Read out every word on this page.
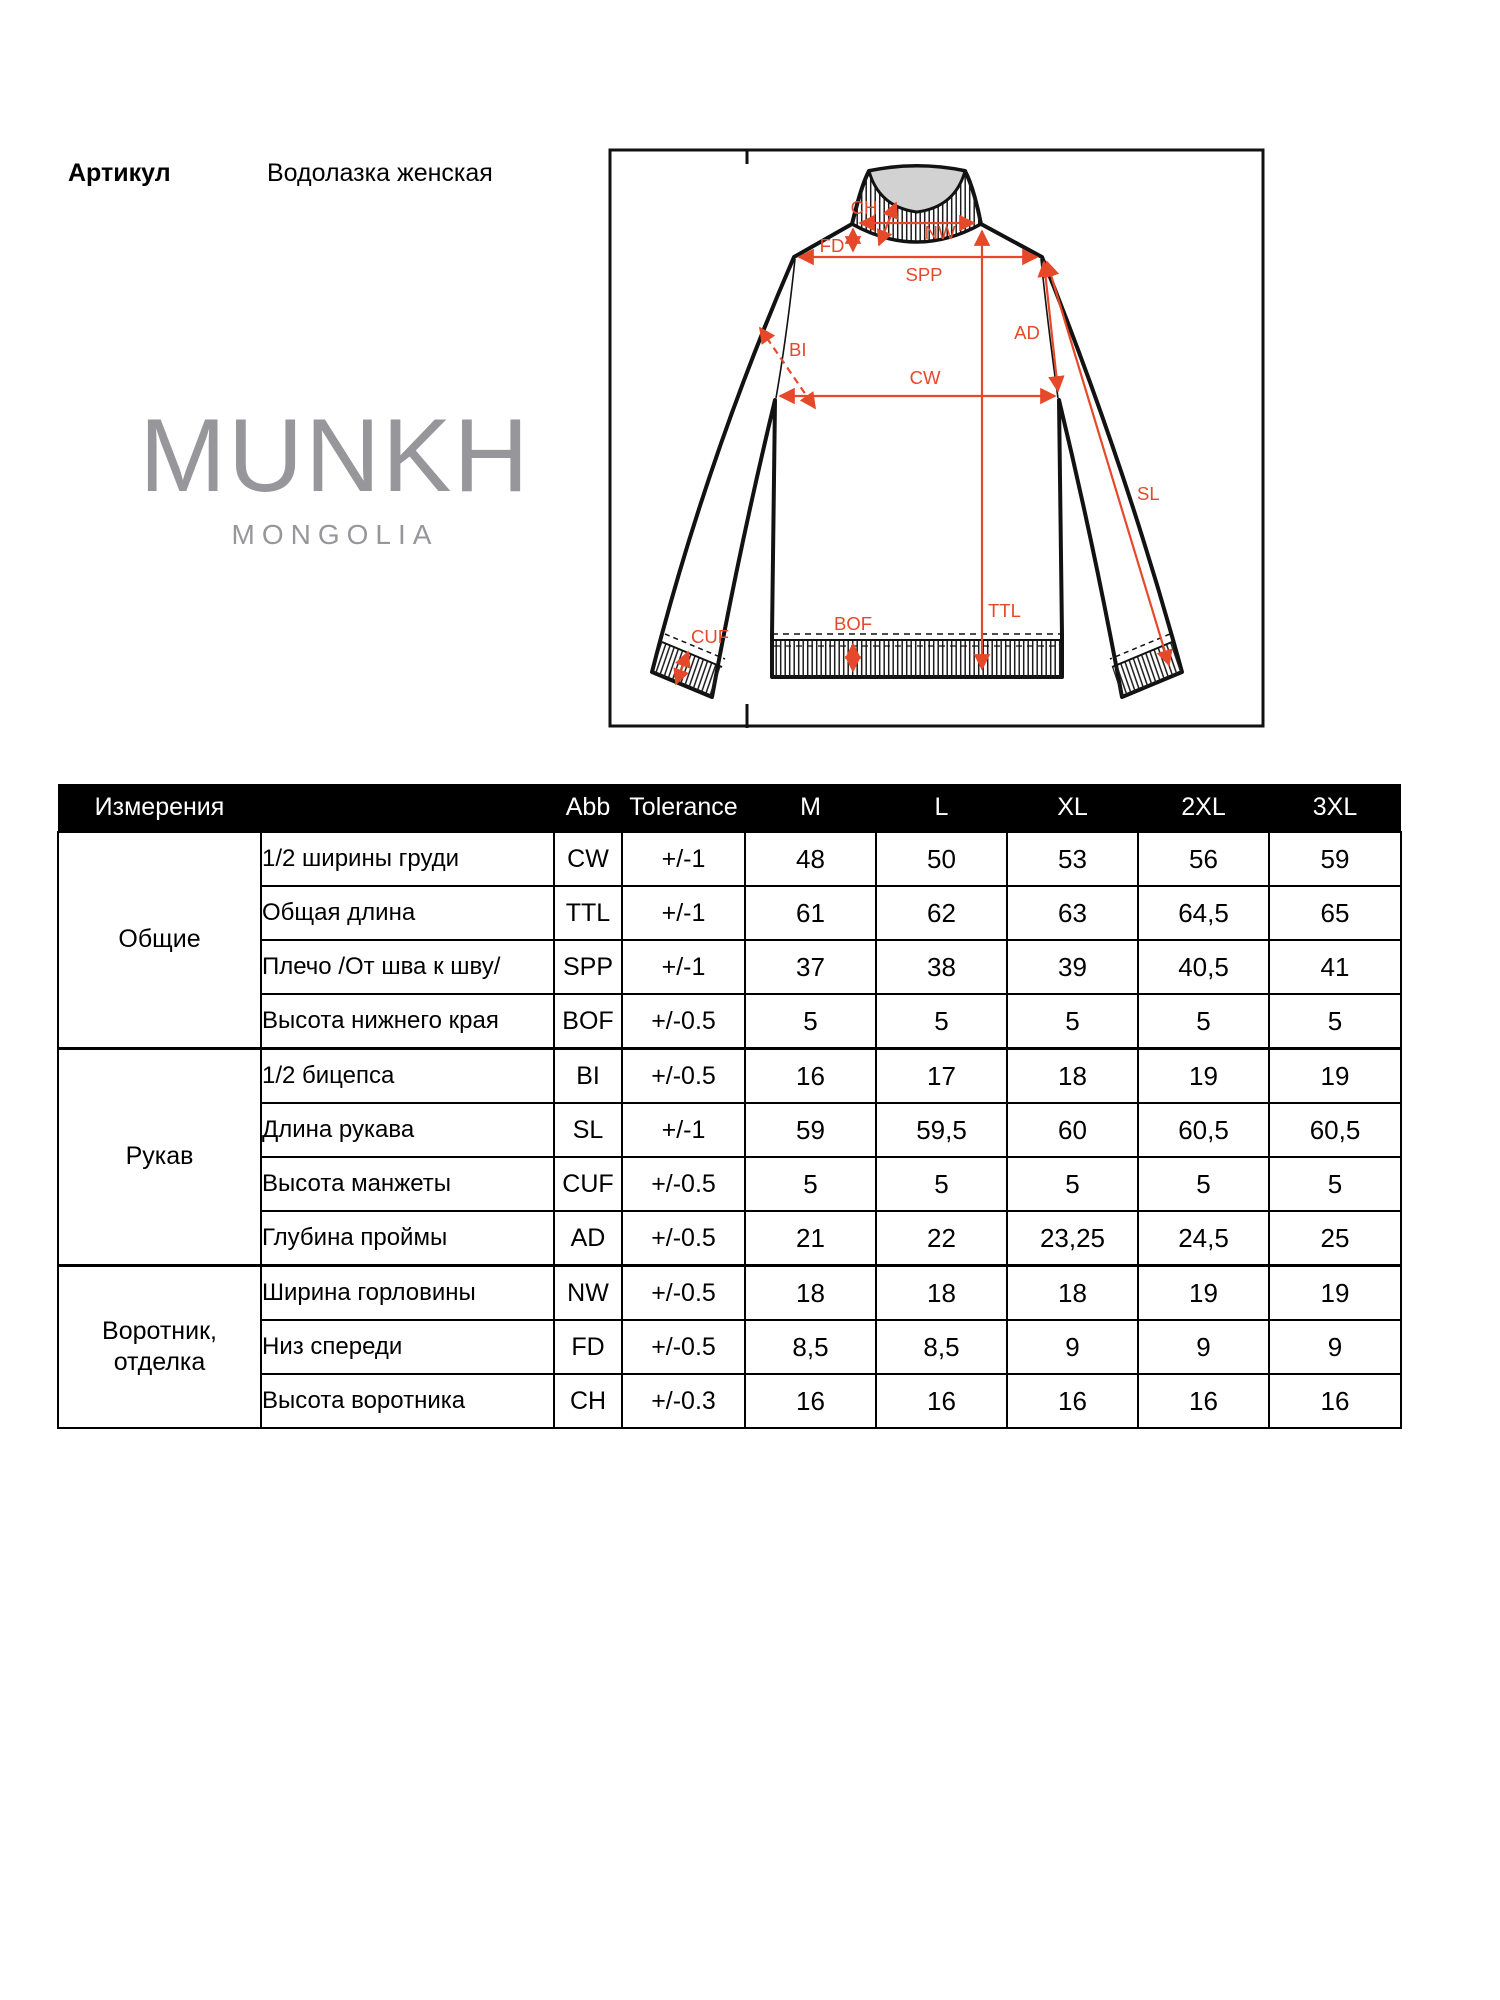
Артикул	Водолазка женская
MUNKH
MONGOLIA
CH
NW
FD
SPP
AD
BI
CW
SL
TTL
BOF
CUF
Измерения		Abb	Tolerance	M	L	XL	2XL	3XL

Общие	1/2 ширины груди	CW	+/-1	48	50	53	56	59
	Общая длина	TTL	+/-1	61	62	63	64,5	65
	Плечо /От шва к шву/	SPP	+/-1	37	38	39	40,5	41
	Высота нижнего края	BOF	+/-0.5	5	5	5	5	5

Рукав	1/2 бицепса	BI	+/-0.5	16	17	18	19	19
	Длина рукава	SL	+/-1	59	59,5	60	60,5	60,5
	Высота манжеты	CUF	+/-0.5	5	5	5	5	5
	Глубина проймы	AD	+/-0.5	21	22	23,25	24,5	25

Воротник, отделка	Ширина горловины	NW	+/-0.5	18	18	18	19	19
	Низ спереди	FD	+/-0.5	8,5	8,5	9	9	9
	Высота воротника	CH	+/-0.3	16	16	16	16	16
